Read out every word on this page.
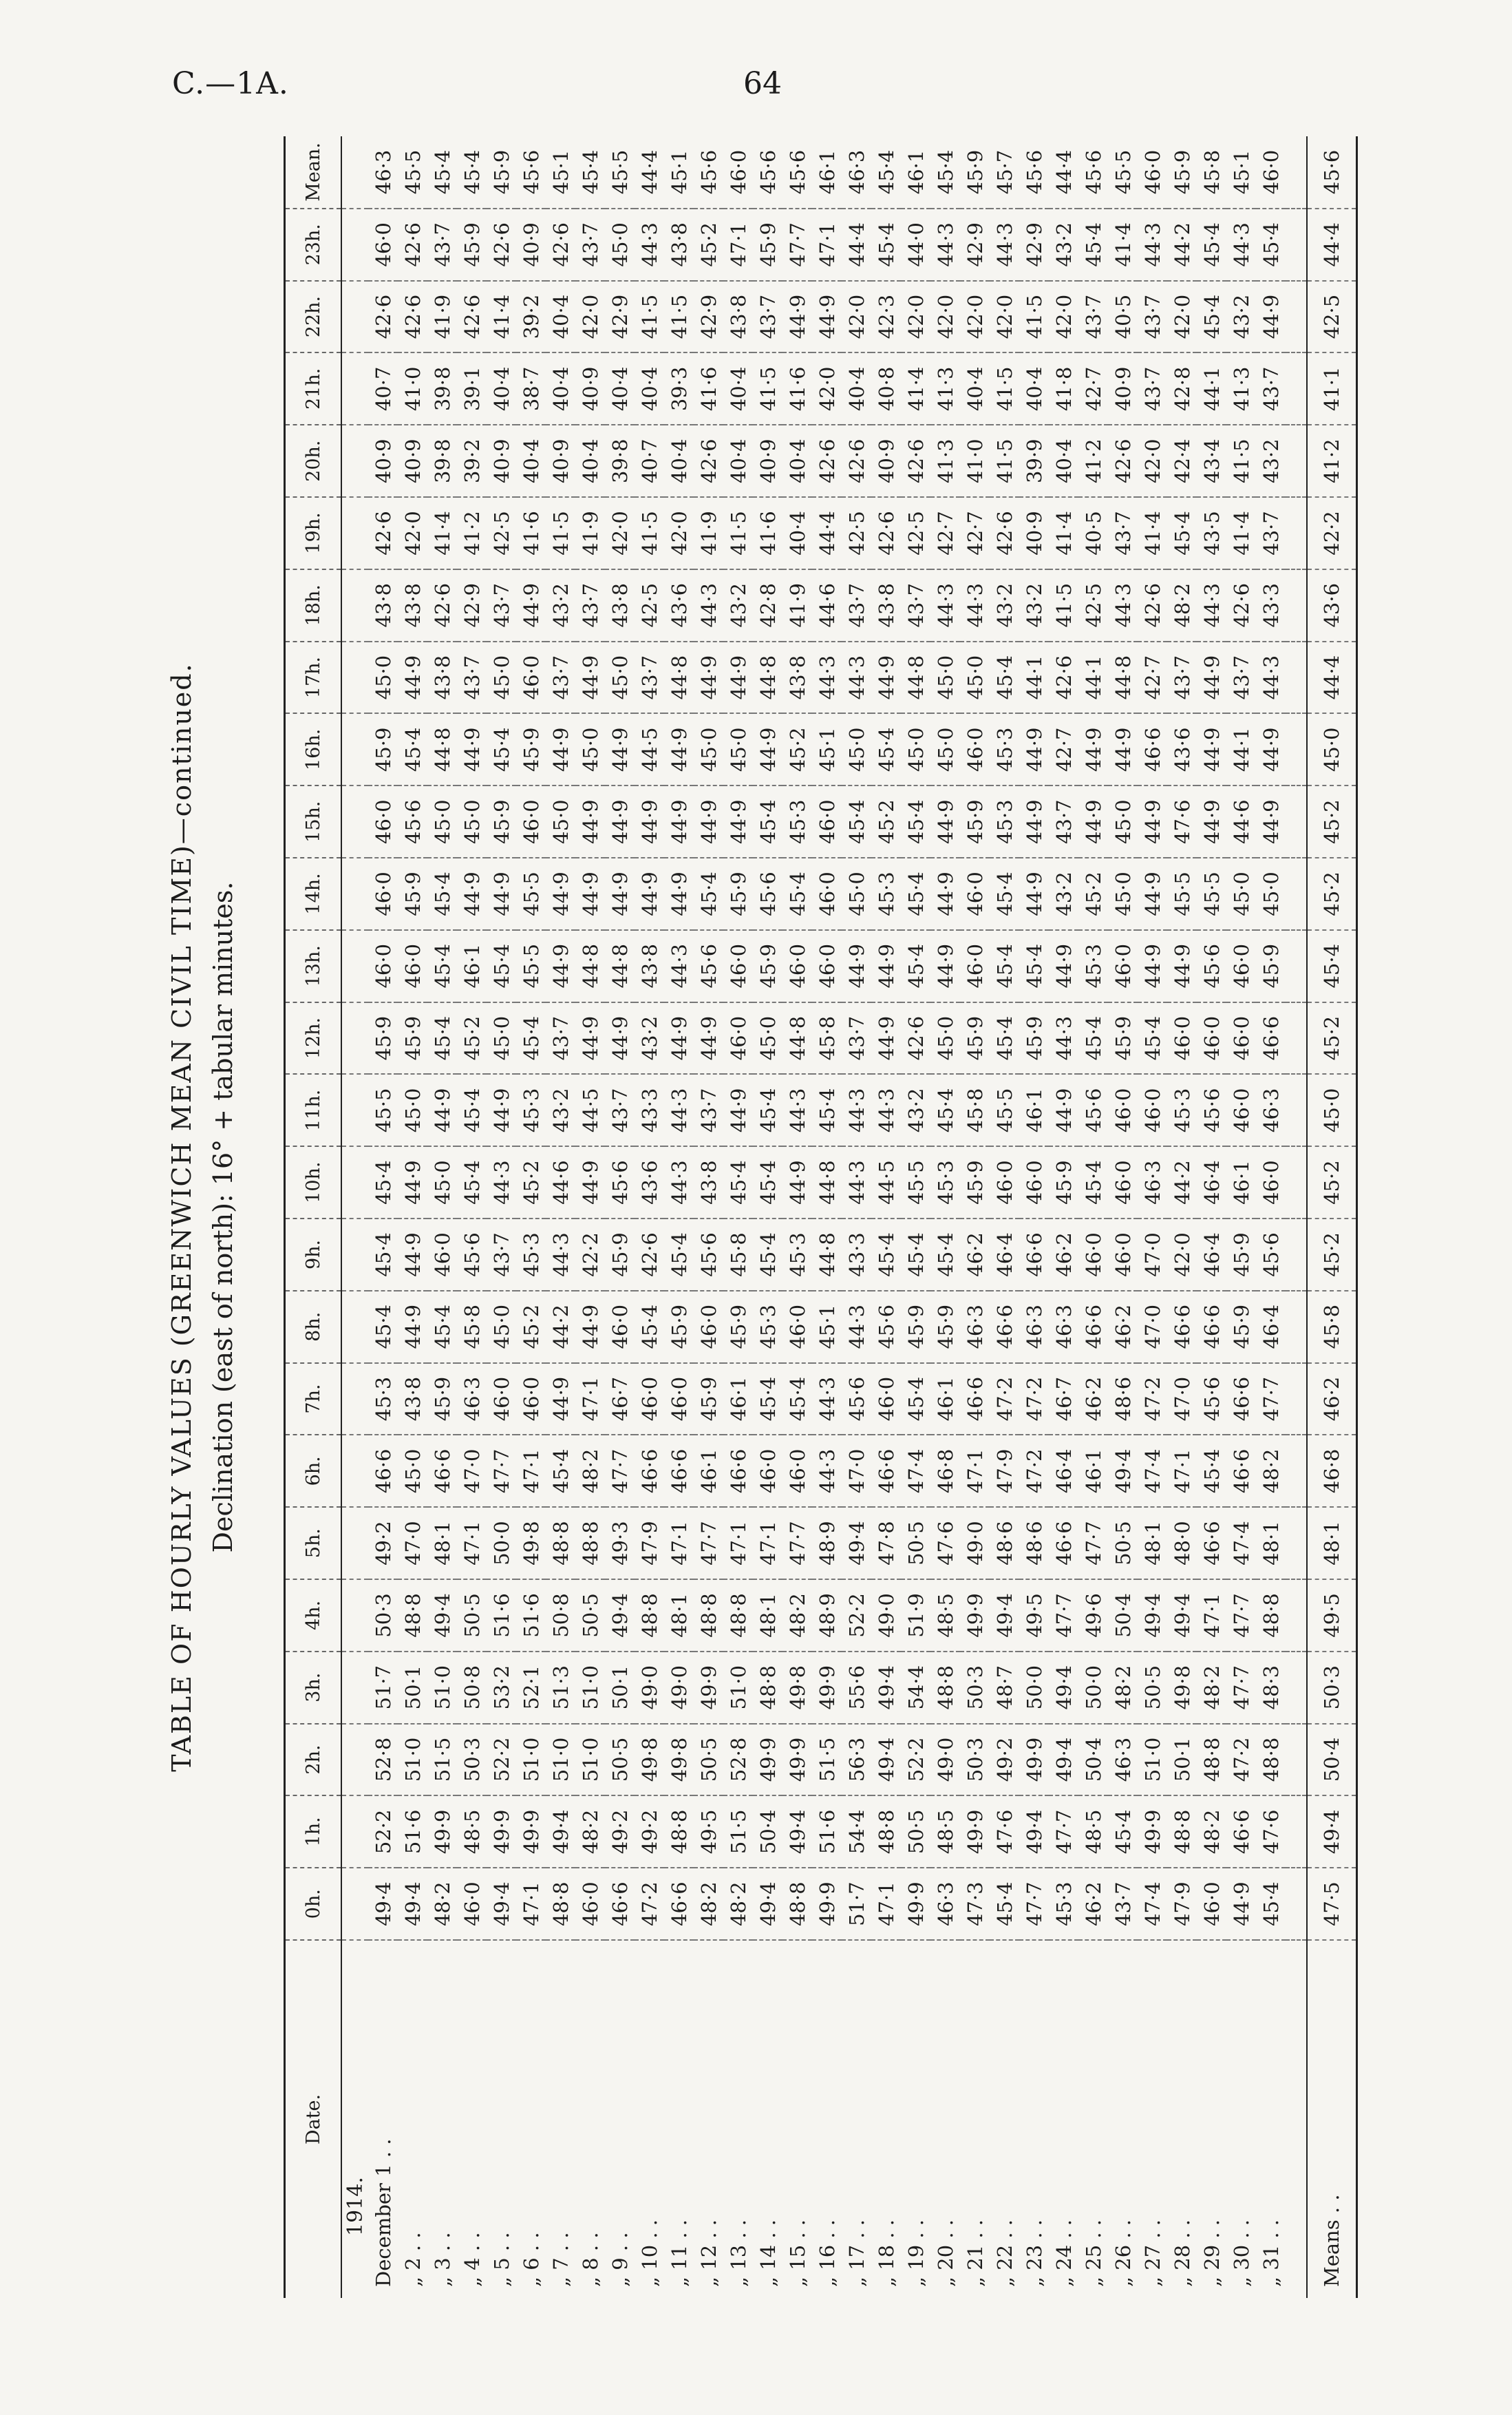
C.—1A.	64
TABLE OF HOURLY VALUES (GREENWICH MEAN CIVIL TIME)—continued. Declination (east of north): 16° + tabular minutes.
Date.	0h.	1h.	2h.	3h.	4h.	5h.	6h.	7h.	8h.	9h.	10h.	11h.	12h.	13h.	14h.	15h.	16h.	17h.	18h.	19h.	20h.	21h.	22h.	23h.	Mean.
1914.																									
December 1 . .	49·4	52·2	52·8	51·7	50·3	49·2	46·6	45·3	45·4	45·4	45·4	45·5	45·9	46·0	46·0	46·0	45·9	45·0	43·8	42·6	40·9	40·7	42·6	46·0	46·3
„ 2 . .	49·4	51·6	51·0	50·1	48·8	47·0	45·0	43·8	44·9	44·9	44·9	45·0	45·9	46·0	45·9	45·6	45·4	44·9	43·8	42·0	40·9	41·0	42·6	42·6	45·5
„ 3 . .	48·2	49·9	51·5	51·0	49·4	48·1	46·6	45·9	45·4	46·0	45·0	44·9	45·4	45·4	45·4	45·0	44·8	43·8	42·6	41·4	39·8	39·8	41·9	43·7	45·4
„ 4 . .	46·0	48·5	50·3	50·8	50·5	47·1	47·0	46·3	45·8	45·6	45·4	45·4	45·2	46·1	44·9	45·0	44·9	43·7	42·9	41·2	39·2	39·1	42·6	45·9	45·4
„ 5 . .	49·4	49·9	52·2	53·2	51·6	50·0	47·7	46·0	45·0	43·7	44·3	44·9	45·0	45·4	44·9	45·9	45·4	45·0	43·7	42·5	40·9	40·4	41·4	42·6	45·9
„ 6 . .	47·1	49·9	51·0	52·1	51·6	49·8	47·1	46·0	45·2	45·3	45·2	45·3	45·4	45·5	45·5	46·0	45·9	46·0	44·9	41·6	40·4	38·7	39·2	40·9	45·6
„ 7 . .	48·8	49·4	51·0	51·3	50·8	48·8	45·4	44·9	44·2	44·3	44·6	43·2	43·7	44·9	44·9	45·0	44·9	43·7	43·2	41·5	40·9	40·4	40·4	42·6	45·1
„ 8 . .	46·0	48·2	51·0	51·0	50·5	48·8	48·2	47·1	44·9	42·2	44·9	44·5	44·9	44·8	44·9	44·9	45·0	44·9	43·7	41·9	40·4	40·9	42·0	43·7	45·4
„ 9 . .	46·6	49·2	50·5	50·1	49·4	49·3	47·7	46·7	46·0	45·9	45·6	43·7	44·9	44·8	44·9	44·9	44·9	45·0	43·8	42·0	39·8	40·4	42·9	45·0	45·5
„ 10 . .	47·2	49·2	49·8	49·0	48·8	47·9	46·6	46·0	45·4	42·6	43·6	43·3	43·2	43·8	44·9	44·9	44·5	43·7	42·5	41·5	40·7	40·4	41·5	44·3	44·4
„ 11 . .	46·6	48·8	49·8	49·0	48·1	47·1	46·6	46·0	45·9	45·4	44·3	44·3	44·9	44·3	44·9	44·9	44·9	44·8	43·6	42·0	40·4	39·3	41·5	43·8	45·1
„ 12 . .	48·2	49·5	50·5	49·9	48·8	47·7	46·1	45·9	46·0	45·6	43·8	43·7	44·9	45·6	45·4	44·9	45·0	44·9	44·3	41·9	42·6	41·6	42·9	45·2	45·6
„ 13 . .	48·2	51·5	52·8	51·0	48·8	47·1	46·6	46·1	45·9	45·8	45·4	44·9	46·0	46·0	45·9	44·9	45·0	44·9	43·2	41·5	40·4	40·4	43·8	47·1	46·0
„ 14 . .	49·4	50·4	49·9	48·8	48·1	47·1	46·0	45·4	45·3	45·4	45·4	45·4	45·0	45·9	45·6	45·4	44·9	44·8	42·8	41·6	40·9	41·5	43·7	45·9	45·6
„ 15 . .	48·8	49·4	49·9	49·8	48·2	47·7	46·0	45·4	46·0	45·3	44·9	44·3	44·8	46·0	45·4	45·3	45·2	43·8	41·9	40·4	40·4	41·6	44·9	47·7	45·6
„ 16 . .	49·9	51·6	51·5	49·9	48·9	48·9	44·3	44·3	45·1	44·8	44·8	45·4	45·8	46·0	46·0	46·0	45·1	44·3	44·6	44·4	42·6	42·0	44·9	47·1	46·1
„ 17 . .	51·7	54·4	56·3	55·6	52·2	49·4	47·0	45·6	44·3	43·3	44·3	44·3	43·7	44·9	45·0	45·4	45·0	44·3	43·7	42·5	42·6	40·4	42·0	44·4	46·3
„ 18 . .	47·1	48·8	49·4	49·4	49·0	47·8	46·6	46·0	45·6	45·4	44·5	44·3	44·9	44·9	45·3	45·2	45·4	44·9	43·8	42·6	40·9	40·8	42·3	45·4	45·4
„ 19 . .	49·9	50·5	52·2	54·4	51·9	50·5	47·4	45·4	45·9	45·4	45·5	43·2	42·6	45·4	45·4	45·4	45·0	44·8	43·7	42·5	42·6	41·4	42·0	44·0	46·1
„ 20 . .	46·3	48·5	49·0	48·8	48·5	47·6	46·8	46·1	45·9	45·4	45·3	45·4	45·0	44·9	44·9	44·9	45·0	45·0	44·3	42·7	41·3	41·3	42·0	44·3	45·4
„ 21 . .	47·3	49·9	50·3	50·3	49·9	49·0	47·1	46·6	46·3	46·2	45·9	45·8	45·9	46·0	46·0	45·9	46·0	45·0	44·3	42·7	41·0	40·4	42·0	42·9	45·9
„ 22 . .	45·4	47·6	49·2	48·7	49·4	48·6	47·9	47·2	46·6	46·4	46·0	45·5	45·4	45·4	45·4	45·3	45·3	45·4	43·2	42·6	41·5	41·5	42·0	44·3	45·7
„ 23 . .	47·7	49·4	49·9	50·0	49·5	48·6	47·2	47·2	46·3	46·6	46·0	46·1	45·9	45·4	44·9	44·9	44·9	44·1	43·2	40·9	39·9	40·4	41·5	42·9	45·6
„ 24 . .	45·3	47·7	49·4	49·4	47·7	46·6	46·4	46·7	46·3	46·2	45·9	44·9	44·3	44·9	43·2	43·7	42·7	42·6	41·5	41·4	40·4	41·8	42·0	43·2	44·4
„ 25 . .	46·2	48·5	50·4	50·0	49·6	47·7	46·1	46·2	46·6	46·0	45·4	45·6	45·4	45·3	45·2	44·9	44·9	44·1	42·5	40·5	41·2	42·7	43·7	45·4	45·6
„ 26 . .	43·7	45·4	46·3	48·2	50·4	50·5	49·4	48·6	46·2	46·0	46·0	46·0	45·9	46·0	45·0	45·0	44·9	44·8	44·3	43·7	42·6	40·9	40·5	41·4	45·5
„ 27 . .	47·4	49·9	51·0	50·5	49·4	48·1	47·4	47·2	47·0	47·0	46·3	46·0	45·4	44·9	44·9	44·9	46·6	42·7	42·6	41·4	42·0	43·7	43·7	44·3	46·0
„ 28 . .	47·9	48·8	50·1	49·8	49·4	48·0	47·1	47·0	46·6	42·0	44·2	45·3	46·0	44·9	45·5	47·6	43·6	43·7	48·2	45·4	42·4	42·8	42·0	44·2	45·9
„ 29 . .	46·0	48·2	48·8	48·2	47·1	46·6	45·4	45·6	46·6	46·4	46·4	45·6	46·0	45·6	45·5	44·9	44·9	44·9	44·3	43·5	43·4	44·1	45·4	45·4	45·8
„ 30 . .	44·9	46·6	47·2	47·7	47·7	47·4	46·6	46·6	45·9	45·9	46·1	46·0	46·0	46·0	45·0	44·6	44·1	43·7	42·6	41·4	41·5	41·3	43·2	44·3	45·1
„ 31 . .	45·4	47·6	48·8	48·3	48·8	48·1	48·2	47·7	46·4	45·6	46·0	46·3	46·6	45·9	45·0	44·9	44·9	44·3	43·3	43·7	43·2	43·7	44·9	45·4	46·0

Means . .	47·5	49·4	50·4	50·3	49·5	48·1	46·8	46·2	45·8	45·2	45·2	45·0	45·2	45·4	45·2	45·2	45·0	44·4	43·6	42·2	41·2	41·1	42·5	44·4	45·6
